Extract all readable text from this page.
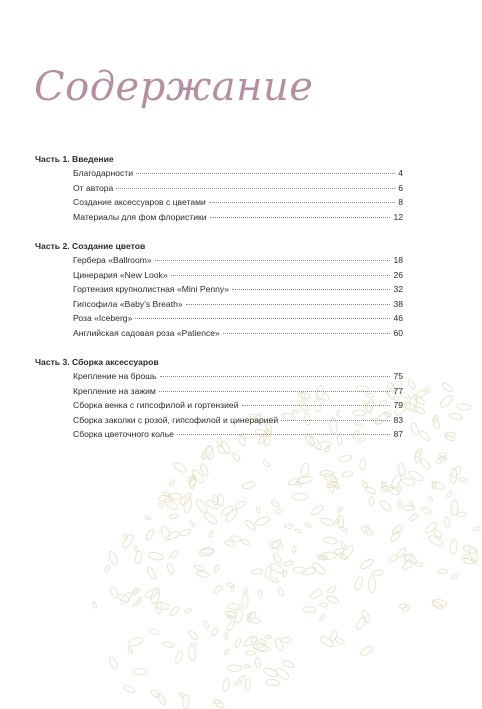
Содержание
Часть 1. Введение
Благодарности	4
От автора	6
Создание аксессуаров с цветами	8
Материалы для фом флористики	12
Часть 2. Создание цветов
Гербера «Ballroom»	18
Цинерария «New Look»	26
Гортензия крупнолистная «Mini Penny»	32
Гипсофила «Baby's Breath»	38
Роза «Iceberg»	46
Английская садовая роза «Patience»	60
Часть 3. Сборка аксессуаров
Крепление на брошь	75
Крепление на зажим	77
Сборка венка с гипсофилой и гортензией	79
Сборка заколки с розой, гипсофилой и цинерарией	83
Сборка цветочного колье	87
